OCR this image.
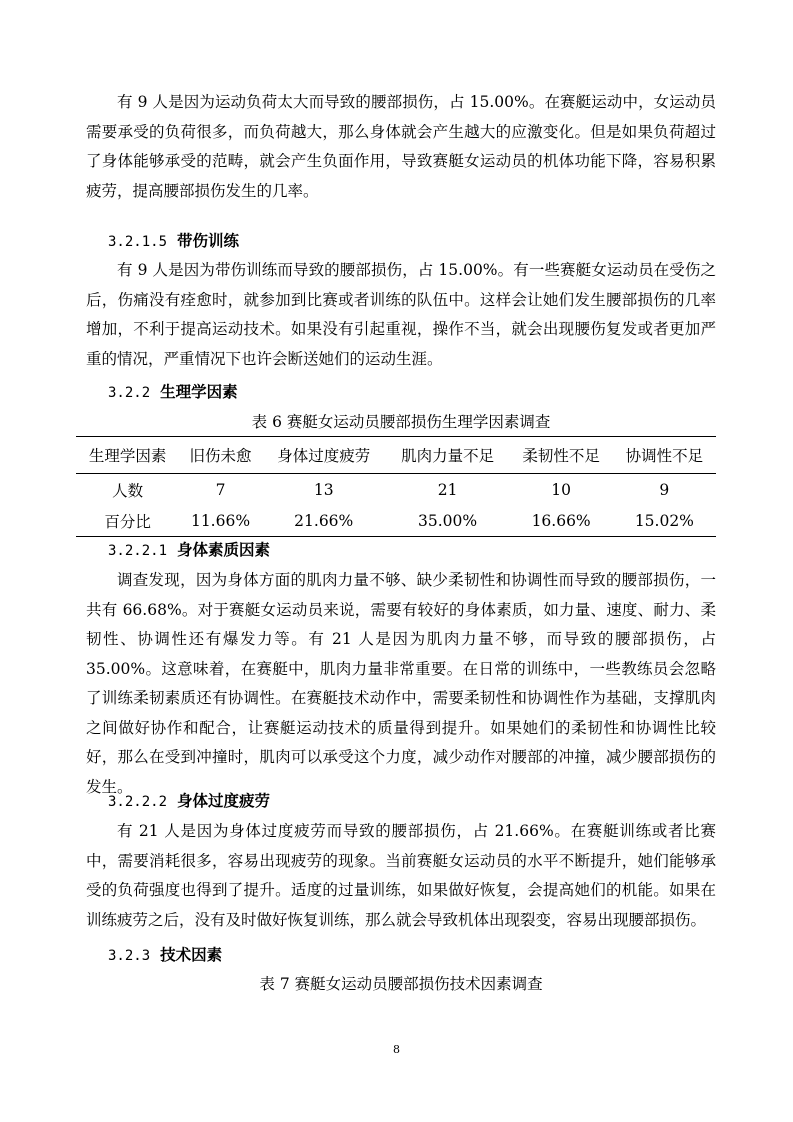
有 9 人是因为运动负荷太大而导致的腰部损伤，占 15.00%。在赛艇运动中，女运动员需要承受的负荷很多，而负荷越大，那么身体就会产生越大的应激变化。但是如果负荷超过了身体能够承受的范畴，就会产生负面作用，导致赛艇女运动员的机体功能下降，容易积累疲劳，提高腰部损伤发生的几率。

3.2.1.5 带伤训练

有 9 人是因为带伤训练而导致的腰部损伤，占 15.00%。有一些赛艇女运动员在受伤之后，伤痛没有痊愈时，就参加到比赛或者训练的队伍中。这样会让她们发生腰部损伤的几率增加，不利于提高运动技术。如果没有引起重视，操作不当，就会出现腰伤复发或者更加严重的情况，严重情况下也许会断送她们的运动生涯。

3.2.2 生理学因素

表 6 赛艇女运动员腰部损伤生理学因素调查

生理学因素	旧伤未愈	身体过度疲劳	肌肉力量不足	柔韧性不足	协调性不足
人数	7	13	21	10	9
百分比	11.66%	21.66%	35.00%	16.66%	15.02%
3.2.2.1 身体素质因素

调查发现，因为身体方面的肌肉力量不够、缺少柔韧性和协调性而导致的腰部损伤，一共有 66.68%。对于赛艇女运动员来说，需要有较好的身体素质，如力量、速度、耐力、柔韧性、协调性还有爆发力等。有 21 人是因为肌肉力量不够，而导致的腰部损伤，占 35.00%。这意味着，在赛艇中，肌肉力量非常重要。在日常的训练中，一些教练员会忽略了训练柔韧素质还有协调性。在赛艇技术动作中，需要柔韧性和协调性作为基础，支撑肌肉之间做好协作和配合，让赛艇运动技术的质量得到提升。如果她们的柔韧性和协调性比较好，那么在受到冲撞时，肌肉可以承受这个力度，减少动作对腰部的冲撞，减少腰部损伤的发生。

3.2.2.2 身体过度疲劳

有 21 人是因为身体过度疲劳而导致的腰部损伤，占 21.66%。在赛艇训练或者比赛中，需要消耗很多，容易出现疲劳的现象。当前赛艇女运动员的水平不断提升，她们能够承受的负荷强度也得到了提升。适度的过量训练，如果做好恢复，会提高她们的机能。如果在训练疲劳之后，没有及时做好恢复训练，那么就会导致机体出现裂变，容易出现腰部损伤。

3.2.3 技术因素

表 7 赛艇女运动员腰部损伤技术因素调查

8
